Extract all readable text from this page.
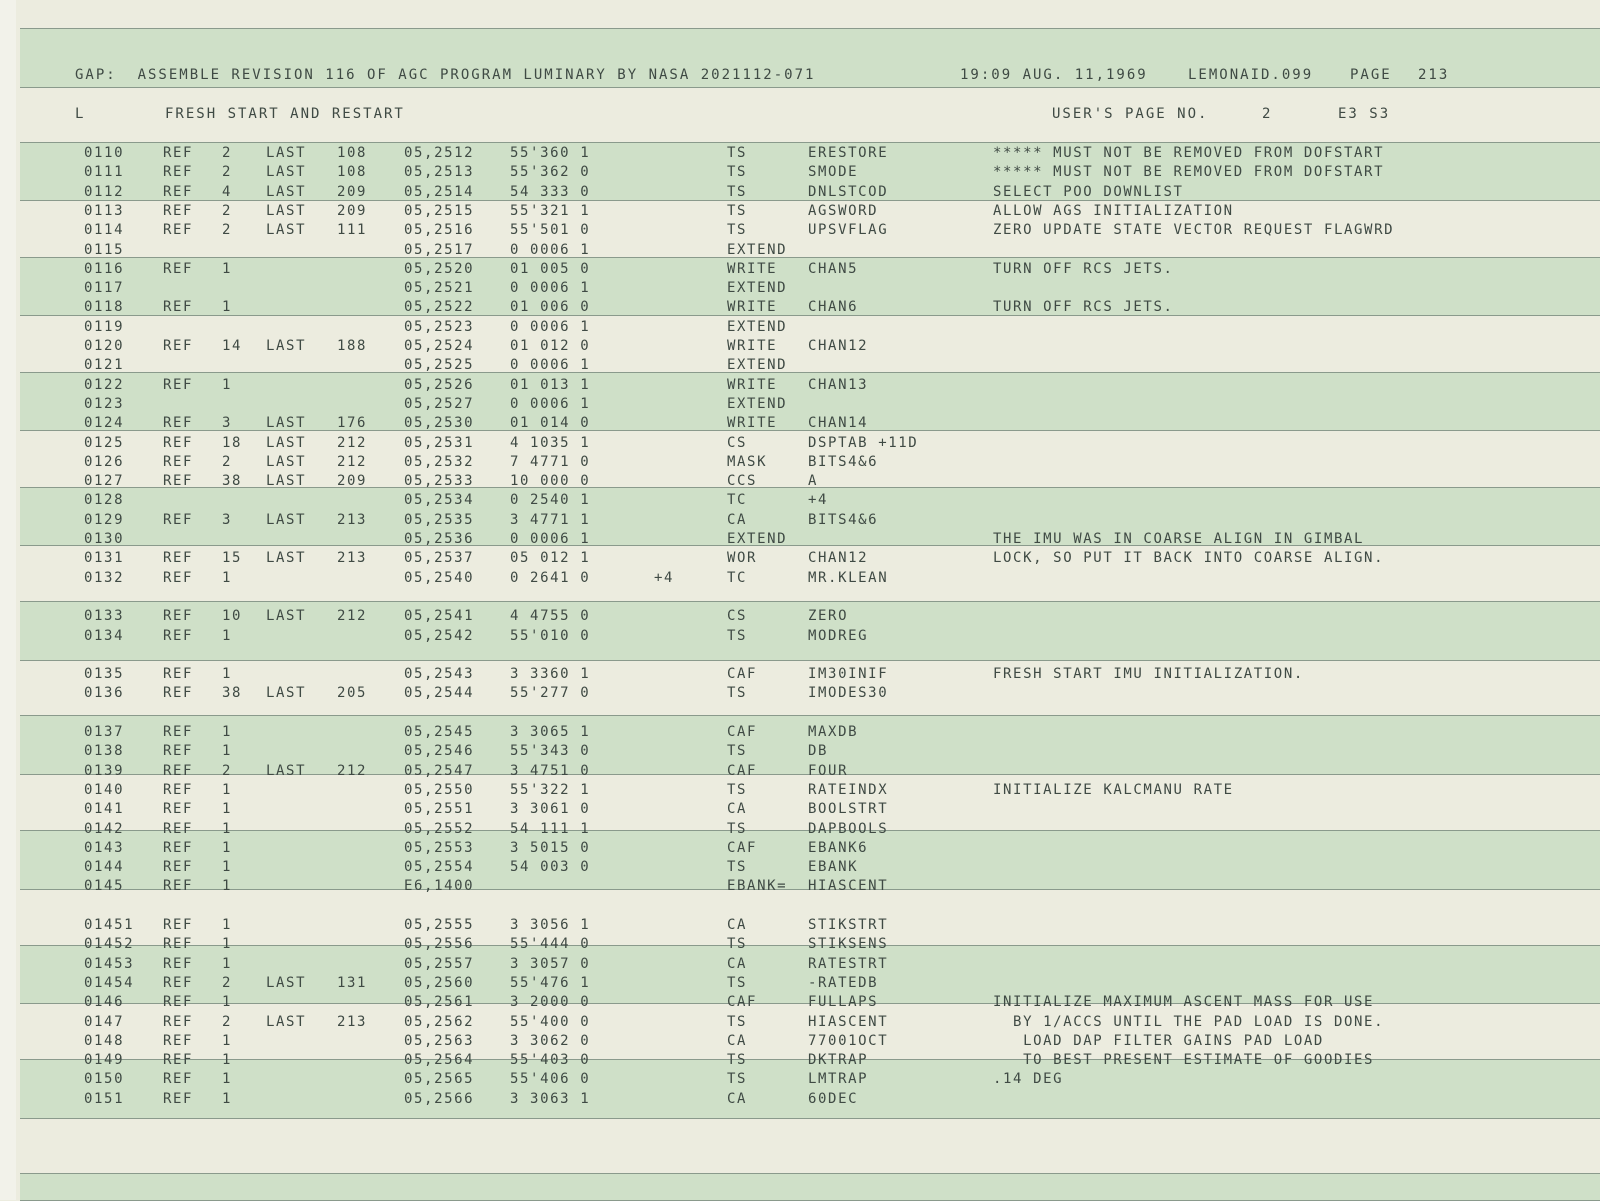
GAP:  ASSEMBLE REVISION 116 OF AGC PROGRAM LUMINARY BY NASA 2021112-071	19:09 AUG. 11,1969	LEMONAID.099	PAGE 213
L	FRESH START AND RESTART	USER'S PAGE NO.	2	E3 S3
0110	REF 2 LAST 108	05,2512	55'360 1	TS	ERESTORE	***** MUST NOT BE REMOVED FROM DOFSTART
0111	REF 2 LAST 108	05,2513	55'362 0	TS	SMODE	***** MUST NOT BE REMOVED FROM DOFSTART
0112	REF 4 LAST 209	05,2514	54 333 0	TS	DNLSTCOD	SELECT POO DOWNLIST
0113	REF 2 LAST 209	05,2515	55'321 1	TS	AGSWORD	ALLOW AGS INITIALIZATION
0114	REF 2 LAST 111	05,2516	55'501 0	TS	UPSVFLAG	ZERO UPDATE STATE VECTOR REQUEST FLAGWRD
0115	05,2517	0 0006 1	EXTEND
0116	REF 1	05,2520	01 005 0	WRITE CHAN5	TURN OFF RCS JETS.
0117	05,2521	0 0006 1	EXTEND
0118	REF 1	05,2522	01 006 0	WRITE CHAN6	TURN OFF RCS JETS.
0119	05,2523	0 0006 1	EXTEND
0120	REF 14 LAST 188	05,2524	01 012 0	WRITE CHAN12
0121	05,2525	0 0006 1	EXTEND
0122	REF 1	05,2526	01 013 1	WRITE CHAN13
0123	05,2527	0 0006 1	EXTEND
0124	REF 3 LAST 176	05,2530	01 014 0	WRITE CHAN14
0125	REF 18 LAST 212	05,2531	4 1035 1	CS	DSPTAB +11D
0126	REF 2 LAST 212	05,2532	7 4771 0	MASK	BITS4&6
0127	REF 38 LAST 209	05,2533	10 000 0	CCS	A
0128	05,2534	0 2540 1	TC	+4
0129	REF 3 LAST 213	05,2535	3 4771 1	CA	BITS4&6
0130	05,2536	0 0006 1	EXTEND	THE IMU WAS IN COARSE ALIGN IN GIMBAL
0131	REF 15 LAST 213	05,2537	05 012 1	WOR	CHAN12	LOCK, SO PUT IT BACK INTO COARSE ALIGN.
0132	REF 1	05,2540	0 2641 0	+4	TC	MR.KLEAN
0133	REF 10 LAST 212	05,2541	4 4755 0	CS	ZERO
0134	REF 1	05,2542	55'010 0	TS	MODREG
0135	REF 1	05,2543	3 3360 1	CAF	IM30INIF	FRESH START IMU INITIALIZATION.
0136	REF 38 LAST 205	05,2544	55'277 0	TS	IMODES30
0137	REF 1	05,2545	3 3065 1	CAF	MAXDB
0138	REF 1	05,2546	55'343 0	TS	DB
0139	REF 2 LAST 212	05,2547	3 4751 0	CAF	FOUR
0140	REF 1	05,2550	55'322 1	TS	RATEINDX	INITIALIZE KALCMANU RATE
0141	REF 1	05,2551	3 3061 0	CA	BOOLSTRT
0142	REF 1	05,2552	54 111 1	TS	DAPBOOLS
0143	REF 1	05,2553	3 5015 0	CAF	EBANK6
0144	REF 1	05,2554	54 003 0	TS	EBANK
0145	REF 1	E6,1400	EBANK= HIASCENT
01451 REF 1	05,2555	3 3056 1	CA	STIKSTRT
01452 REF 1	05,2556	55'444 0	TS	STIKSENS
01453 REF 1	05,2557	3 3057 0	CA	RATESTRT
01454 REF 2 LAST 131	05,2560	55'476 1	TS	-RATEDB
0146	REF 1	05,2561	3 2000 0	CAF	FULLAPS	INITIALIZE MAXIMUM ASCENT MASS FOR USE
0147	REF 2 LAST 213	05,2562	55'400 0	TS	HIASCENT	BY 1/ACCS UNTIL THE PAD LOAD IS DONE.
0148	REF 1	05,2563	3 3062 0	CA	77001OCT	LOAD DAP FILTER GAINS PAD LOAD
0149	REF 1	05,2564	55'403 0	TS	DKTRAP	TO BEST PRESENT ESTIMATE OF GOODIES
0150	REF 1	05,2565	55'406 0	TS	LMTRAP	.14 DEG
0151	REF 1	05,2566	3 3063 1	CA	60DEC
